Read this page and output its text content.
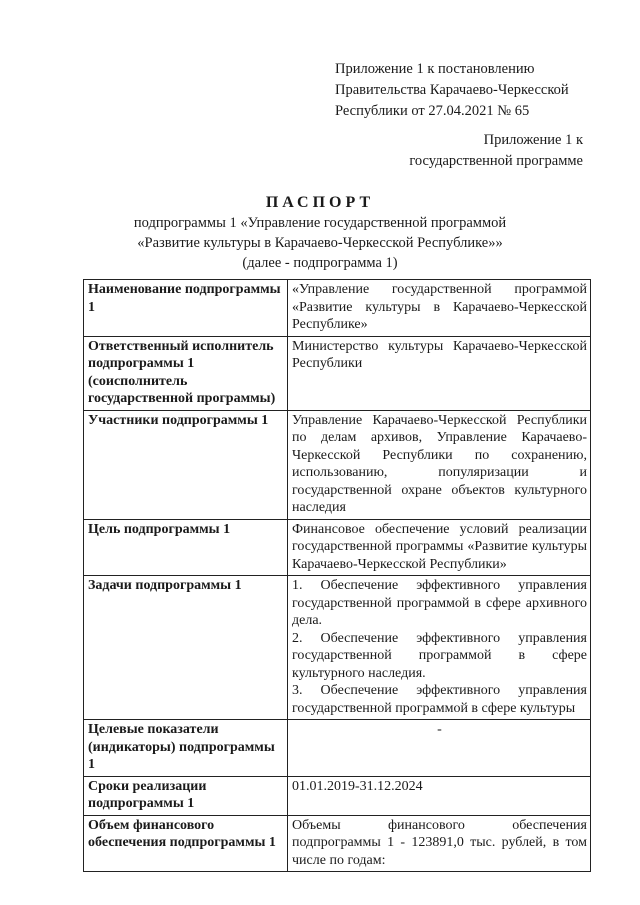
Приложение 1 к постановлению
Правительства Карачаево-Черкесской
Республики от 27.04.2021 № 65
Приложение 1 к
государственной программе
ПАСПОРТ
подпрограммы 1 «Управление государственной программой
«Развитие культуры в Карачаево-Черкесской Республике»»
(далее - подпрограмма 1)
Наименование подпрограммы 1	«Управление государственной программой «Развитие культуры в Карачаево-Черкесской Республике»
Ответственный исполнитель подпрограммы 1 (соисполнитель государственной программы)	Министерство культуры Карачаево-Черкесской Республики
Участники подпрограммы 1	Управление Карачаево-Черкесской Республики по делам архивов, Управление Карачаево-Черкесской Республики по сохранению, использованию, популяризации и государственной охране объектов культурного наследия
Цель подпрограммы 1	Финансовое обеспечение условий реализации государственной программы «Развитие культуры Карачаево-Черкесской Республики»
Задачи подпрограммы 1	1. Обеспечение эффективного управления государственной программой в сфере архивного дела.
2. Обеспечение эффективного управления государственной программой в сфере культурного наследия.
3. Обеспечение эффективного управления государственной программой в сфере культуры

Целевые показатели (индикаторы) подпрограммы 1	-
Сроки реализации подпрограммы 1	01.01.2019-31.12.2024
Объем финансового обеспечения подпрограммы 1	Объемы финансового обеспечения подпрограммы 1 - 123891,0 тыс. рублей, в том числе по годам:
